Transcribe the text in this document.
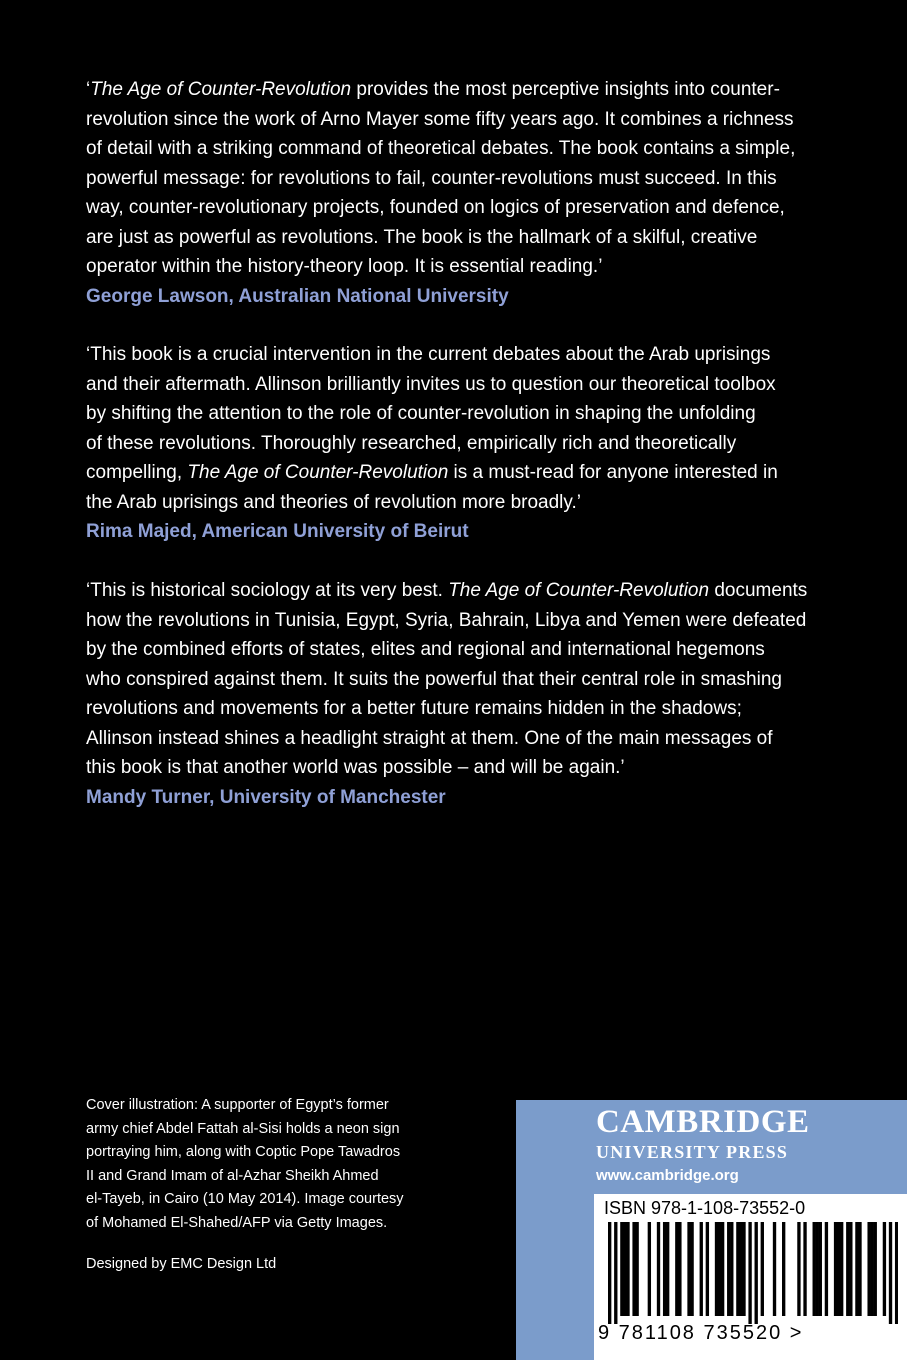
‘The Age of Counter-Revolution provides the most perceptive insights into counter-
revolution since the work of Arno Mayer some fifty years ago. It combines a richness
of detail with a striking command of theoretical debates. The book contains a simple,
powerful message: for revolutions to fail, counter-revolutions must succeed. In this
way, counter-revolutionary projects, founded on logics of preservation and defence,
are just as powerful as revolutions. The book is the hallmark of a skilful, creative
operator within the history-theory loop. It is essential reading.’
George Lawson, Australian National University
‘This book is a crucial intervention in the current debates about the Arab uprisings
and their aftermath. Allinson brilliantly invites us to question our theoretical toolbox
by shifting the attention to the role of counter-revolution in shaping the unfolding
of these revolutions. Thoroughly researched, empirically rich and theoretically
compelling, The Age of Counter-Revolution is a must-read for anyone interested in
the Arab uprisings and theories of revolution more broadly.’
Rima Majed, American University of Beirut
‘This is historical sociology at its very best. The Age of Counter-Revolution documents
how the revolutions in Tunisia, Egypt, Syria, Bahrain, Libya and Yemen were defeated
by the combined efforts of states, elites and regional and international hegemons
who conspired against them. It suits the powerful that their central role in smashing
revolutions and movements for a better future remains hidden in the shadows;
Allinson instead shines a headlight straight at them. One of the main messages of
this book is that another world was possible – and will be again.’
Mandy Turner, University of Manchester
Cover illustration: A supporter of Egypt’s former
army chief Abdel Fattah al-Sisi holds a neon sign
portraying him, along with Coptic Pope Tawadros
II and Grand Imam of al-Azhar Sheikh Ahmed
el-Tayeb, in Cairo (10 May 2014). Image courtesy
of Mohamed El-Shahed/AFP via Getty Images.
Designed by EMC Design Ltd
CAMBRIDGE
UNIVERSITY PRESS
www.cambridge.org
ISBN 978-1-108-73552-0
9 781108 735520 >
